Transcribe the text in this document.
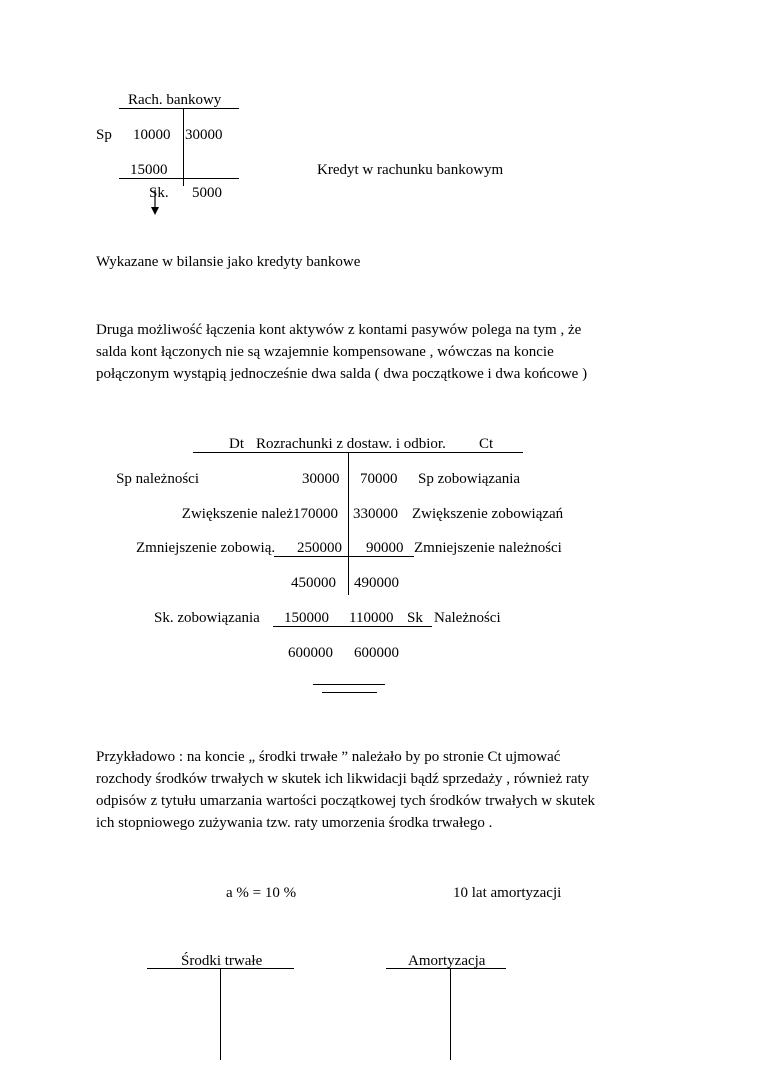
Rach. bankowy
Sp 10000 30000
15000
Sk. 5000
Kredyt w rachunku bankowym
Wykazane w bilansie jako kredyty bankowe
Druga możliwość łączenia kont aktywów z kontami pasywów polega na tym , że
salda kont łączonych nie są wzajemnie kompensowane , wówczas na koncie
połączonym wystąpią jednocześnie dwa salda ( dwa początkowe i dwa końcowe )
Dt Rozrachunki z dostaw. i odbior. Ct
Sp należności	30000 70000 Sp zobowiązania
Zwiększenie należ 170000 330000 Zwiększenie zobowiązań
Zmniejszenie zobowią. 250000 90000 Zmniejszenie należności
450000 490000
Sk. zobowiązania 150000 110000 Sk Należności
600000 600000
Przykładowo : na koncie „ środki trwałe ” należało by po stronie Ct ujmować
rozchody środków trwałych w skutek ich likwidacji bądź sprzedaży , również raty
odpisów z tytułu umarzania wartości początkowej tych środków trwałych w skutek
ich stopniowego zużywania tzw. raty umorzenia środka trwałego .
a % = 10 %	10 lat amortyzacji
Środki trwałe	Amortyzacja
